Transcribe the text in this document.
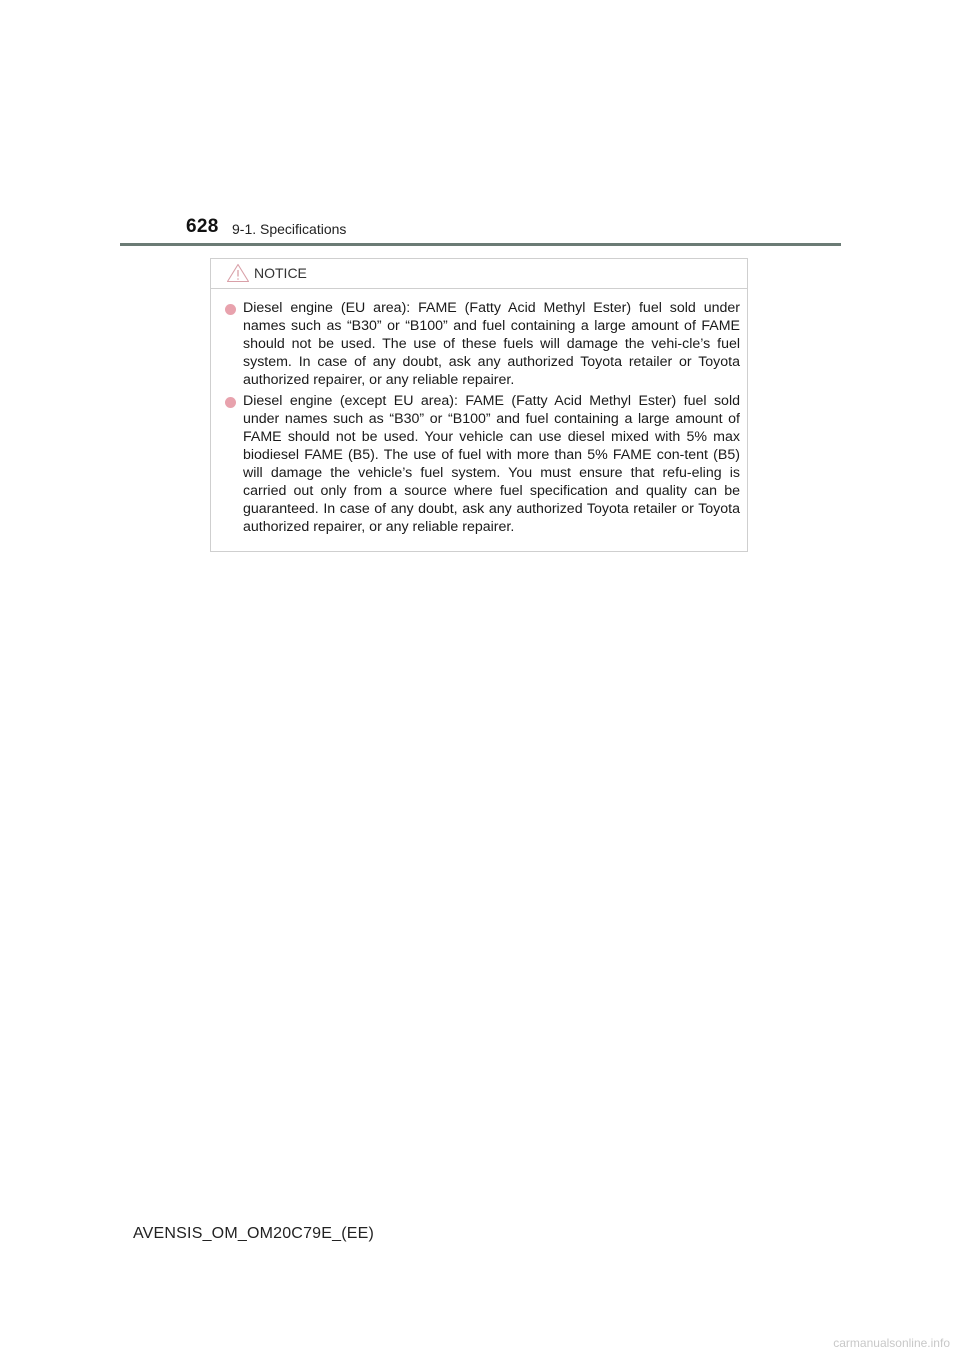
628 9-1. Specifications
NOTICE
Diesel engine (EU area): FAME (Fatty Acid Methyl Ester) fuel sold under names such as “B30” or “B100” and fuel containing a large amount of FAME should not be used. The use of these fuels will damage the vehi-cle’s fuel system. In case of any doubt, ask any authorized Toyota retailer or Toyota authorized repairer, or any reliable repairer.
Diesel engine (except EU area): FAME (Fatty Acid Methyl Ester) fuel sold under names such as “B30” or “B100” and fuel containing a large amount of FAME should not be used. Your vehicle can use diesel mixed with 5% max biodiesel FAME (B5). The use of fuel with more than 5% FAME con-tent (B5) will damage the vehicle’s fuel system. You must ensure that refu-eling is carried out only from a source where fuel specification and quality can be guaranteed. In case of any doubt, ask any authorized Toyota retailer or Toyota authorized repairer, or any reliable repairer.
AVENSIS_OM_OM20C79E_(EE)
carmanualsonline.info
